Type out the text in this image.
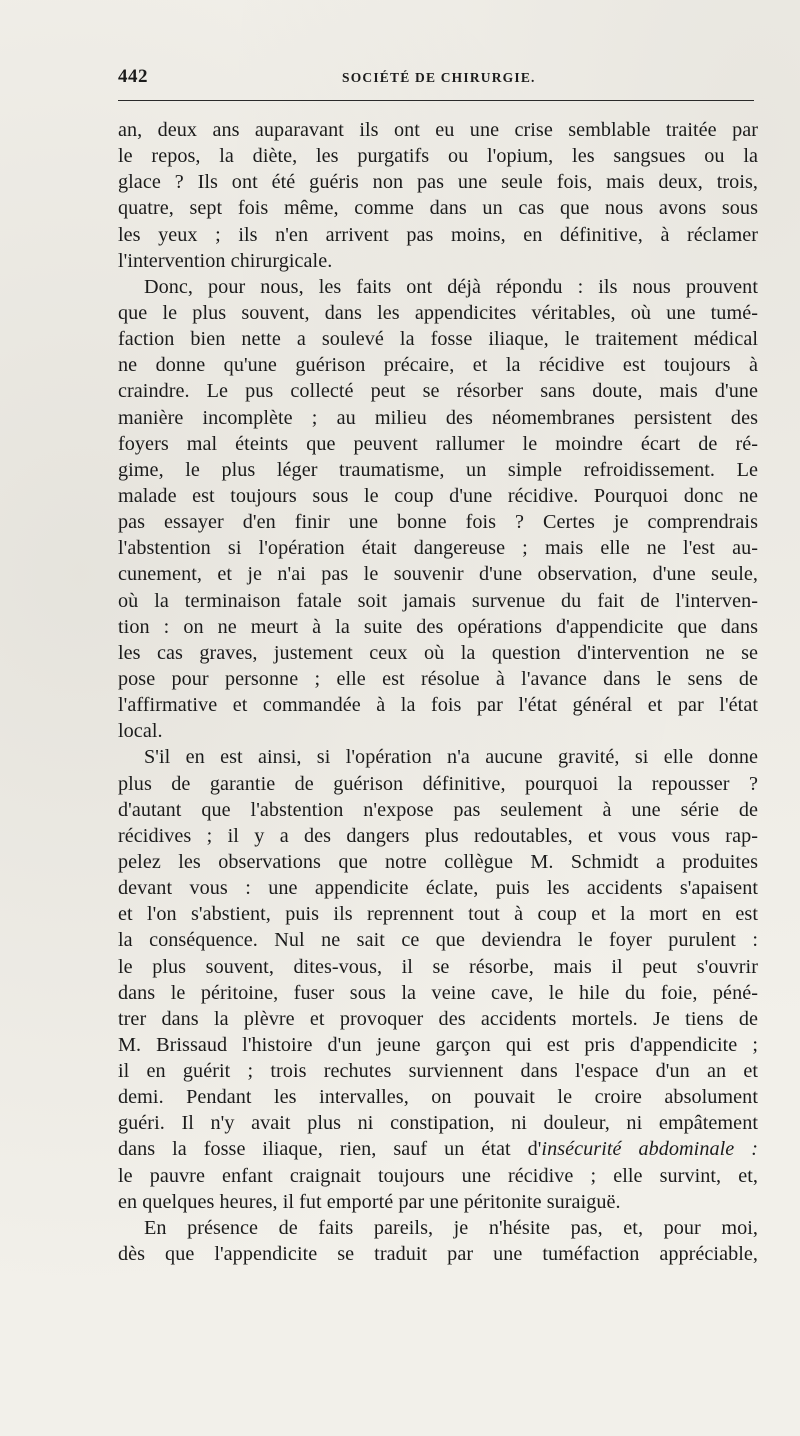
442	SOCIÉTÉ DE CHIRURGIE.
an, deux ans auparavant ils ont eu une crise semblable traitée par
le repos, la diète, les purgatifs ou l'opium, les sangsues ou la
glace ? Ils ont été guéris non pas une seule fois, mais deux, trois,
quatre, sept fois même, comme dans un cas que nous avons sous
les yeux ; ils n'en arrivent pas moins, en définitive, à réclamer
l'intervention chirurgicale.
Donc, pour nous, les faits ont déjà répondu : ils nous prouvent
que le plus souvent, dans les appendicites véritables, où une tumé-
faction bien nette a soulevé la fosse iliaque, le traitement médical
ne donne qu'une guérison précaire, et la récidive est toujours à
craindre. Le pus collecté peut se résorber sans doute, mais d'une
manière incomplète ; au milieu des néomembranes persistent des
foyers mal éteints que peuvent rallumer le moindre écart de ré-
gime, le plus léger traumatisme, un simple refroidissement. Le
malade est toujours sous le coup d'une récidive. Pourquoi donc ne
pas essayer d'en finir une bonne fois ? Certes je comprendrais
l'abstention si l'opération était dangereuse ; mais elle ne l'est au-
cunement, et je n'ai pas le souvenir d'une observation, d'une seule,
où la terminaison fatale soit jamais survenue du fait de l'interven-
tion : on ne meurt à la suite des opérations d'appendicite que dans
les cas graves, justement ceux où la question d'intervention ne se
pose pour personne ; elle est résolue à l'avance dans le sens de
l'affirmative et commandée à la fois par l'état général et par l'état
local.
S'il en est ainsi, si l'opération n'a aucune gravité, si elle donne
plus de garantie de guérison définitive, pourquoi la repousser ?
d'autant que l'abstention n'expose pas seulement à une série de
récidives ; il y a des dangers plus redoutables, et vous vous rap-
pelez les observations que notre collègue M. Schmidt a produites
devant vous : une appendicite éclate, puis les accidents s'apaisent
et l'on s'abstient, puis ils reprennent tout à coup et la mort en est
la conséquence. Nul ne sait ce que deviendra le foyer purulent :
le plus souvent, dites-vous, il se résorbe, mais il peut s'ouvrir
dans le péritoine, fuser sous la veine cave, le hile du foie, péné-
trer dans la plèvre et provoquer des accidents mortels. Je tiens de
M. Brissaud l'histoire d'un jeune garçon qui est pris d'appendicite ;
il en guérit ; trois rechutes surviennent dans l'espace d'un an et
demi. Pendant les intervalles, on pouvait le croire absolument
guéri. Il n'y avait plus ni constipation, ni douleur, ni empâtement
dans la fosse iliaque, rien, sauf un état d'insécurité abdominale :
le pauvre enfant craignait toujours une récidive ; elle survint, et,
en quelques heures, il fut emporté par une péritonite suraiguë.
En présence de faits pareils, je n'hésite pas, et, pour moi,
dès que l'appendicite se traduit par une tuméfaction appréciable,
